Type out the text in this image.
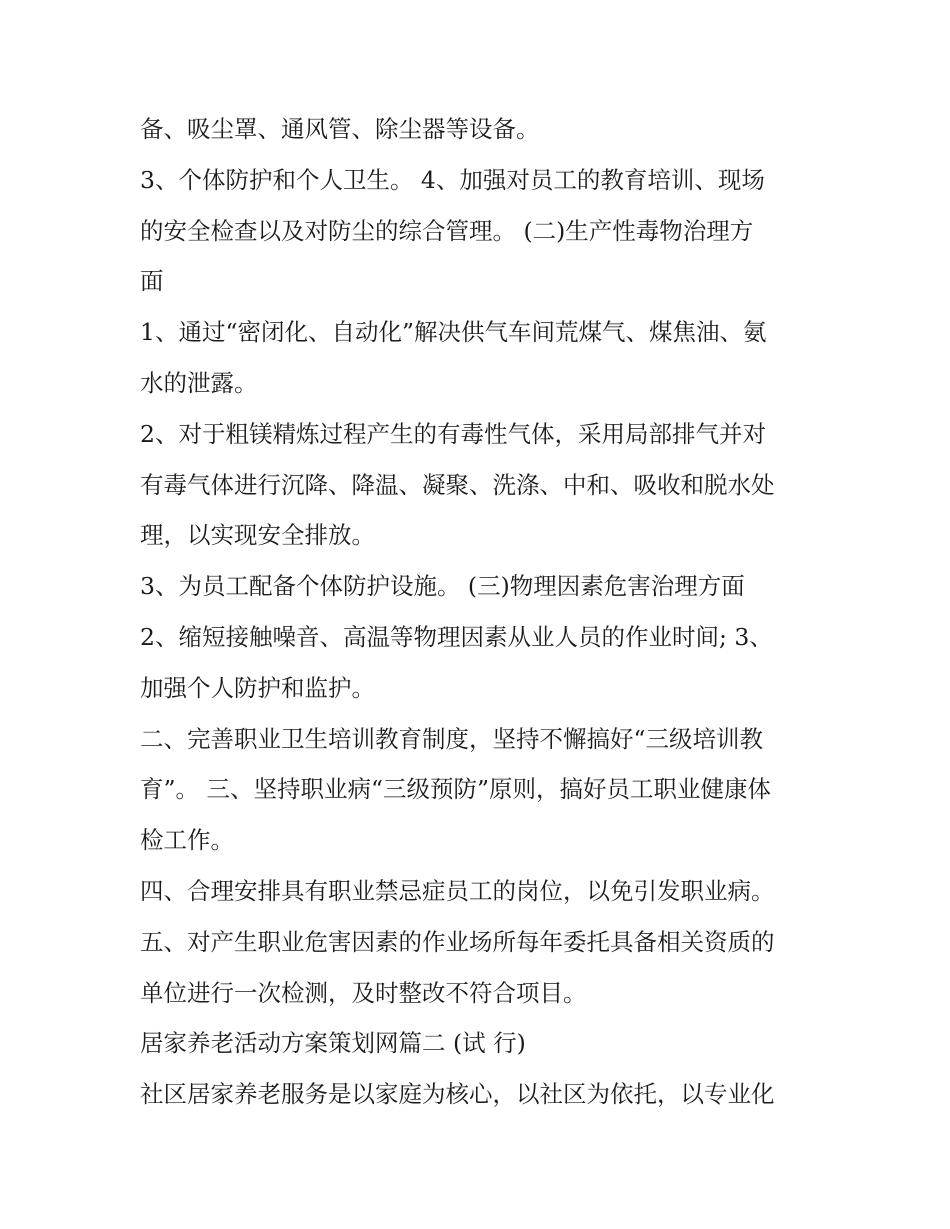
备、吸尘罩、通风管、除尘器等设备。
3、个体防护和个人卫生。 4、加强对员工的教育培训、现场
的安全检查以及对防尘的综合管理。 (二)生产性毒物治理方
面
1、通过“密闭化、自动化”解决供气车间荒煤气、煤焦油、氨
水的泄露。
2、对于粗镁精炼过程产生的有毒性气体，采用局部排气并对
有毒气体进行沉降、降温、凝聚、洗涤、中和、吸收和脱水处
理，以实现安全排放。
3、为员工配备个体防护设施。 (三)物理因素危害治理方面
2、缩短接触噪音、高温等物理因素从业人员的作业时间; 3、
加强个人防护和监护。
二、完善职业卫生培训教育制度，坚持不懈搞好“三级培训教
育”。 三、坚持职业病“三级预防”原则，搞好员工职业健康体
检工作。
四、合理安排具有职业禁忌症员工的岗位，以免引发职业病。
五、对产生职业危害因素的作业场所每年委托具备相关资质的
单位进行一次检测，及时整改不符合项目。
居家养老活动方案策划网篇二 (试 行)
社区居家养老服务是以家庭为核心，以社区为依托，以专业化
